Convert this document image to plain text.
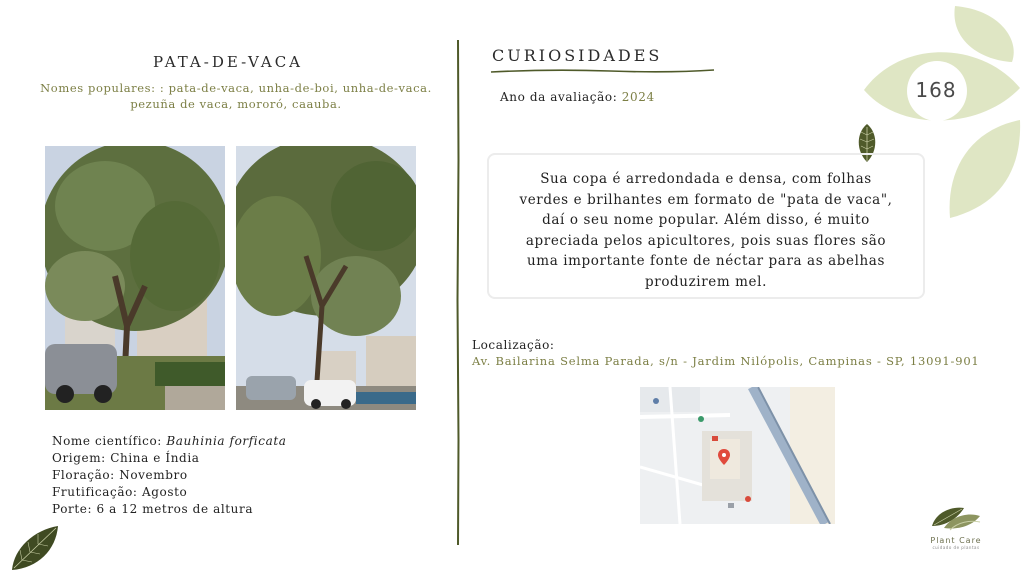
168
PATA-DE-VACA
Nomes populares: : pata-de-vaca, unha-de-boi, unha-de-vaca. pezuña de vaca, mororó, caauba.
Nome científico: Bauhinia forficata
Origem: China e Índia
Floração: Novembro
Frutificação: Agosto
Porte: 6 a 12 metros de altura
CURIOSIDADES
Ano da avaliação: 2024
Sua copa é arredondada e densa, com folhas verdes e brilhantes em formato de "pata de vaca", daí o seu nome popular. Além disso, é muito apreciada pelos apicultores, pois suas flores são uma importante fonte de néctar para as abelhas produzirem mel.
Localização:
Av. Bailarina Selma Parada, s/n - Jardim Nilópolis, Campinas - SP, 13091-901
Plant Care
cuidado de plantas
